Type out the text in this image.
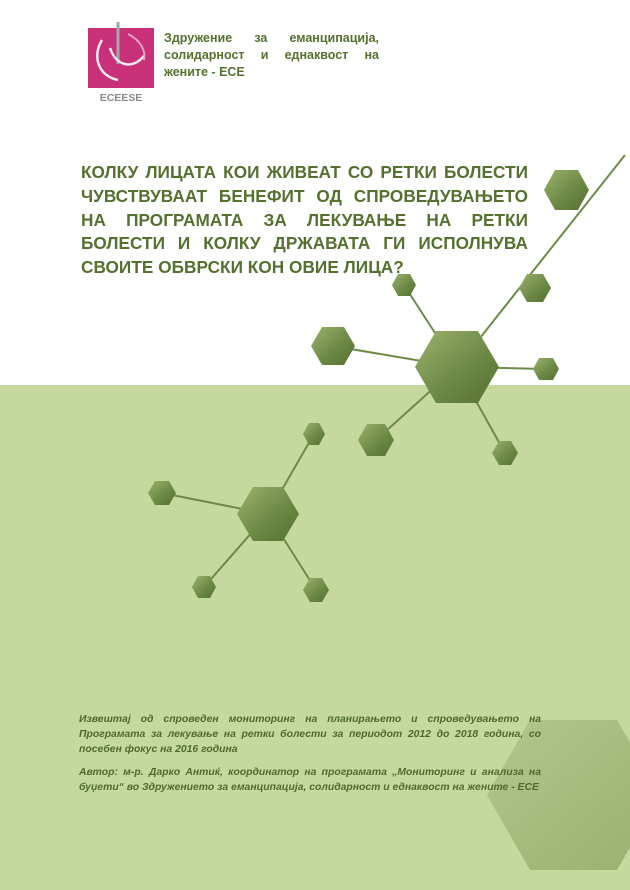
ЕСЕЕЅЕ
Здружение за еманципација, солидарност и еднаквост на жените - ЕСЕ
КОЛКУ ЛИЦАТА КОИ ЖИВЕАТ СО РЕТКИ БОЛЕСТИ ЧУВСТВУВААТ БЕНЕФИТ ОД СПРОВЕДУВАЊЕТО НА ПРОГРАМАТА ЗА ЛЕКУВАЊЕ НА РЕТКИ БОЛЕСТИ И КОЛКУ ДРЖАВАТА ГИ ИСПОЛНУВА СВОИТЕ ОБВРСКИ КОН ОВИЕ ЛИЦА?

Извештај од спроведен мониторинг на планирањето и спроведувањето на Програмата за лекување на ретки болести за периодот 2012 до 2018 година, со посебен фокус на 2016 година

Автор: м-р. Дарко Антиќ, координатор на програмата „Мониторинг и анализа на буџети“ во Здружението за еманципација, солидарност и еднаквост на жените - ЕСЕ
